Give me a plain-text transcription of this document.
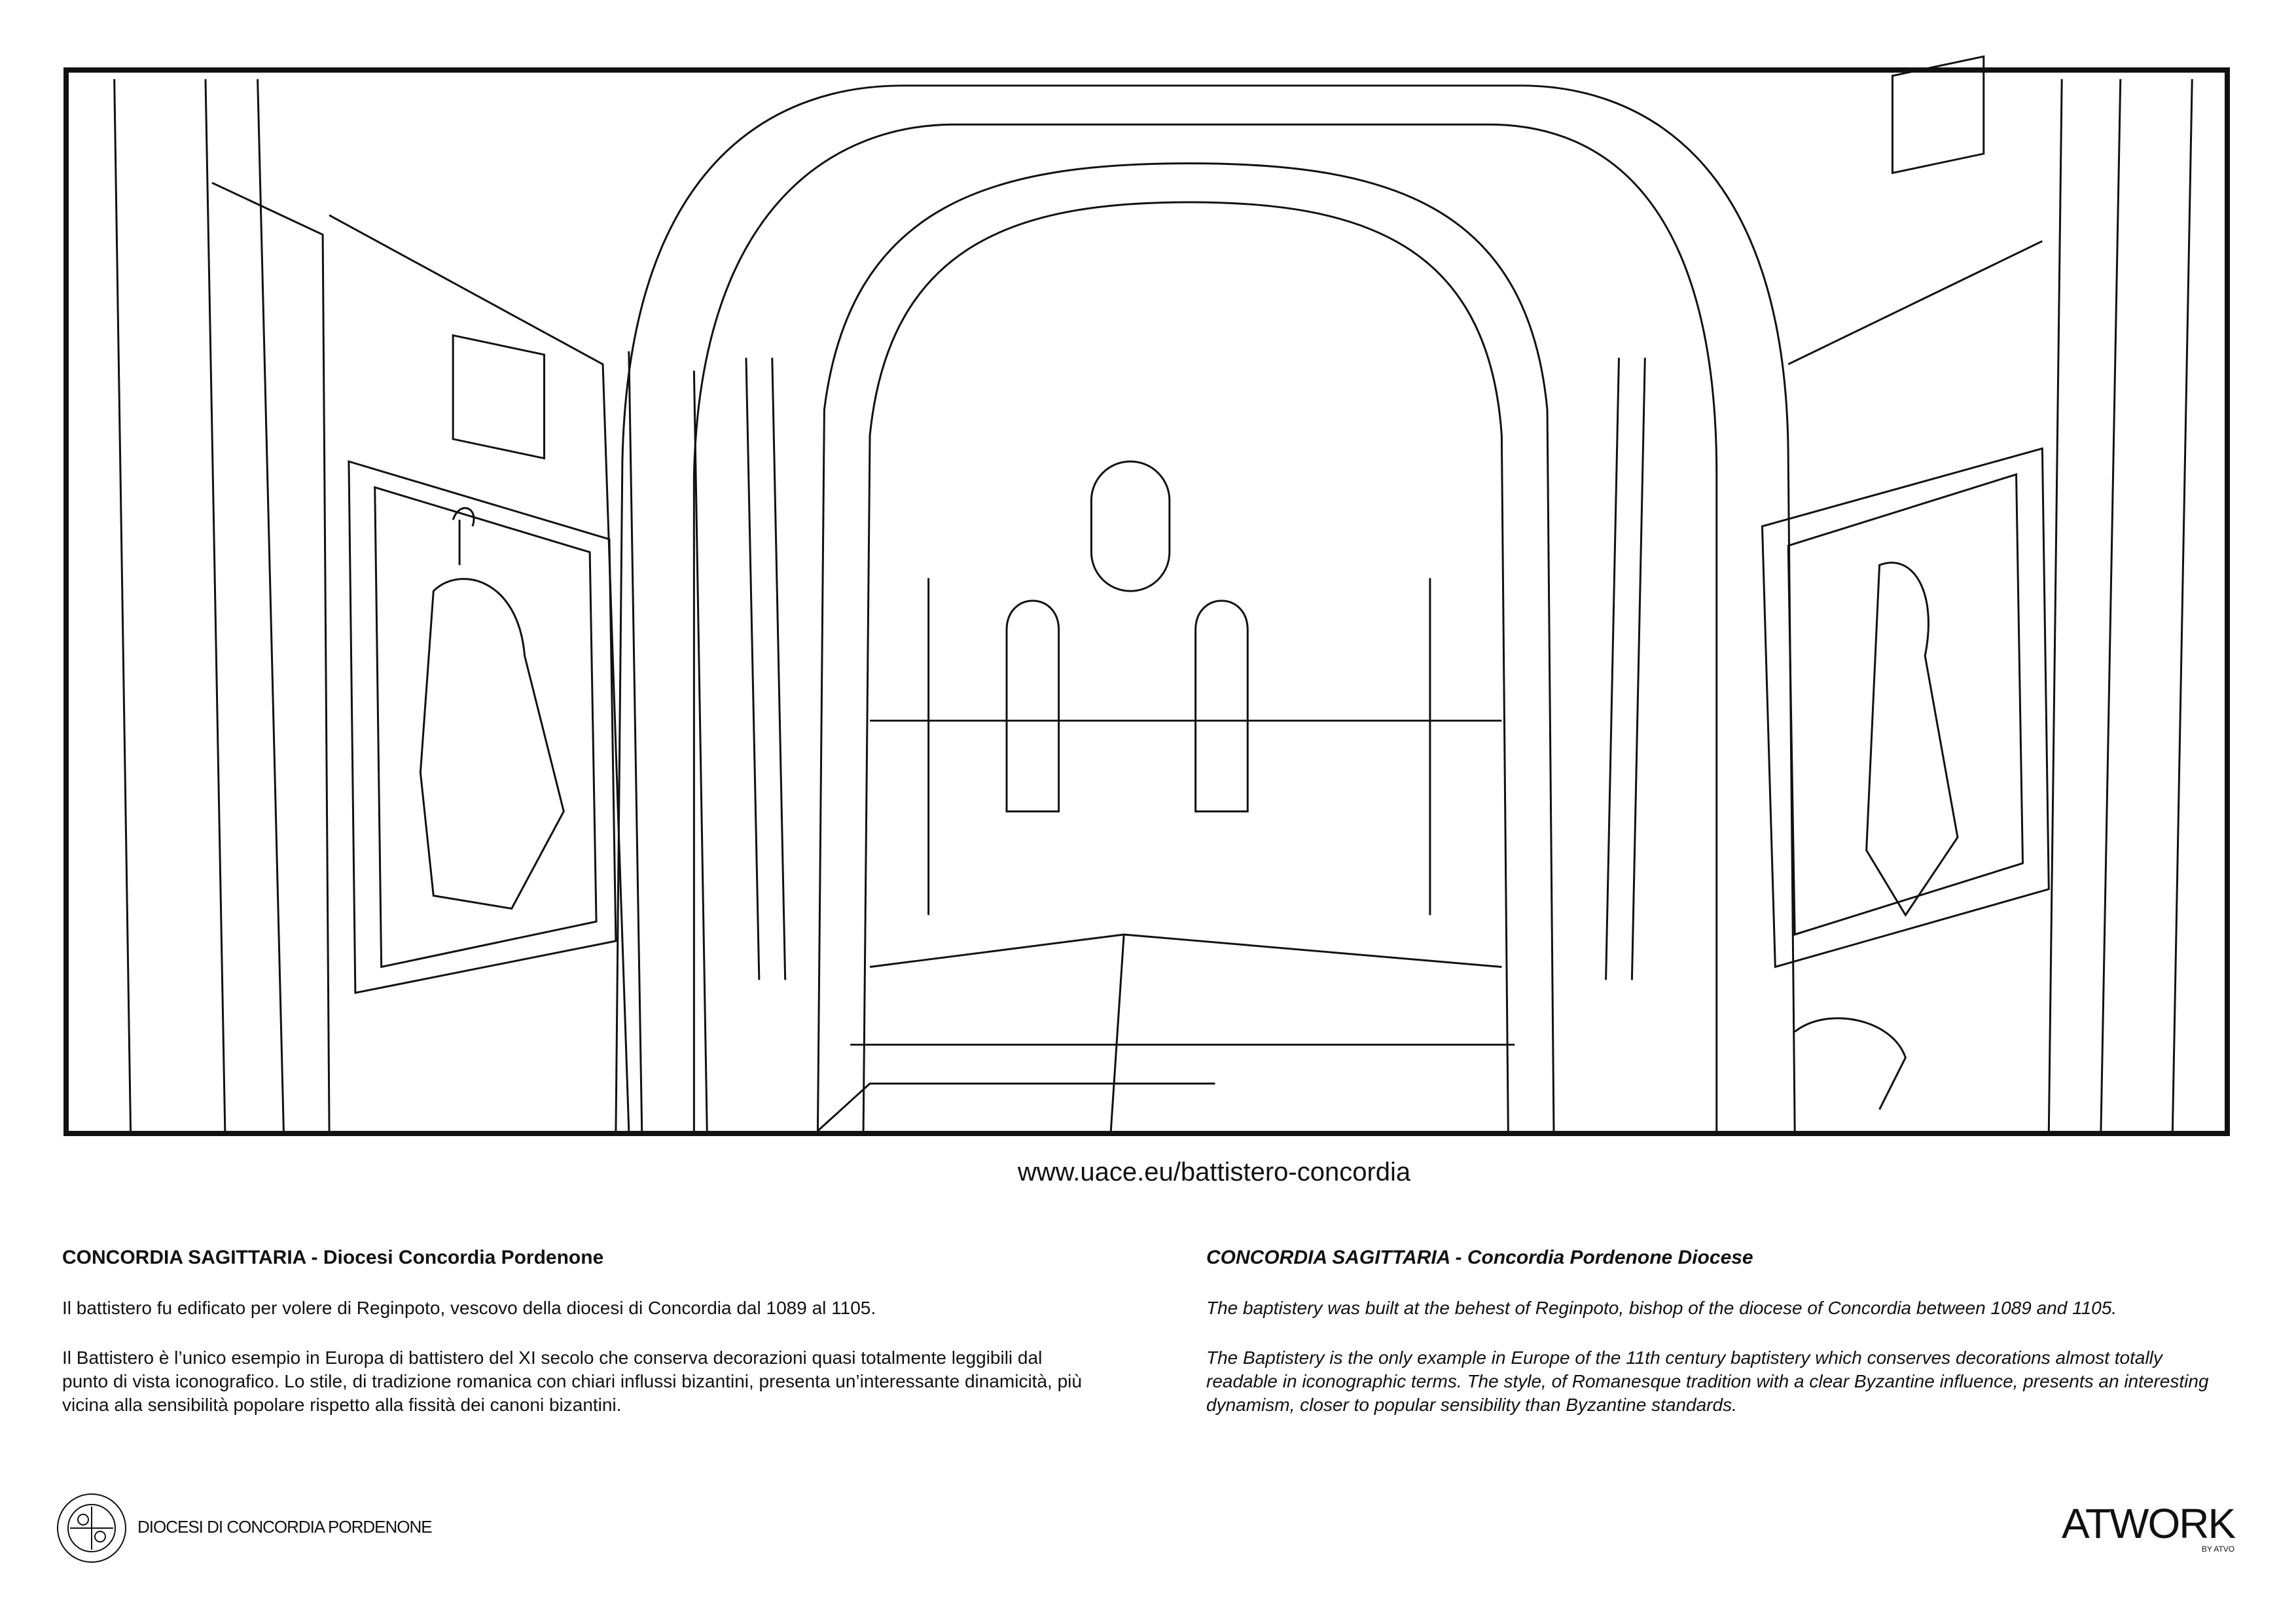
www.uace.eu/battistero-concordia
CONCORDIA SAGITTARIA - Diocesi Concordia Pordenone

Il battistero fu edificato per volere di Reginpoto, vescovo della diocesi di Concordia dal 1089 al 1105.

Il Battistero è l’unico esempio in Europa di battistero del XI secolo che conserva decorazioni quasi totalmente leggibili dal punto di vista iconografico. Lo stile, di tradizione romanica con chiari influssi bizantini, presenta un’interessante dinamicità, più vicina alla sensibilità popolare rispetto alla fissità dei canoni bizantini.

CONCORDIA SAGITTARIA - Concordia Pordenone Diocese

The baptistery was built at the behest of Reginpoto, bishop of the diocese of Concordia between 1089 and 1105.

The Baptistery is the only example in Europe of the 11th century baptistery which conserves decorations almost totally readable in iconographic terms. The style, of Romanesque tradition with a clear Byzantine influence, presents an interesting dynamism, closer to popular sensibility than Byzantine standards.

DIOCESI DI CONCORDIA PORDENONE	ATWORK
BY ATVO
